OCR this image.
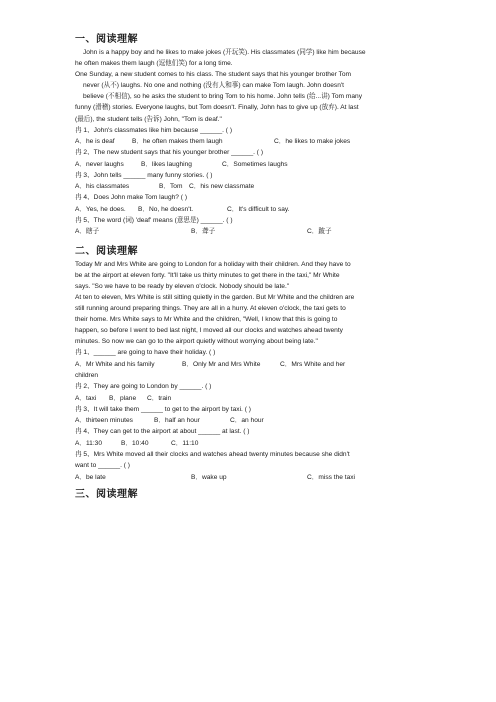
一、阅读理解

John is a happy boy and he likes to make jokes (开玩笑). His classmates (同学) like him because

he often makes them laugh (逗他们笑) for a long time.

One Sunday, a new student comes to his class. The student says that his younger brother Tom

never (从不) laughs. No one and nothing (没有人和事) can make Tom laugh. John doesn't

believe (不相信), so he asks the student to bring Tom to his home. John tells (给...讲) Tom many

funny (滑稽) stories. Everyone laughs, but Tom doesn't. Finally, John has to give up (放弃). At last

(最后), the student tells (告诉) John, "Tom is deaf."

冉 1、John's classmates like him because ______. ( )

A．he is deaf	B．he often makes them laugh	C．he likes to make jokes

冉 2、The new student says that his younger brother ______. ( )

A．never laughs	B．likes laughing	C．Sometimes laughs

冉 3、John tells ______ many funny stories. ( )

A．his classmates	B．Tom C．his new classmate

冉 4、Does John make Tom laugh? ( )

A．Yes, he does.	B．No, he doesn't.	C．It's difficult to say.

冉 5、The word (词) 'deaf' means (意思是) ______. ( )

A．瞎子	B．聋子	C．跛子
二、阅读理解

Today Mr and Mrs White are going to London for a holiday with their children. And they have to

be at the airport at eleven forty. "It'll take us thirty minutes to get there in the taxi," Mr White

says. "So we have to be ready by eleven o'clock. Nobody should be late."

At ten to eleven, Mrs White is still sitting quietly in the garden. But Mr White and the children are

still running around preparing things. They are all in a hurry. At eleven o'clock, the taxi gets to

their home. Mrs White says to Mr White and the children, "Well, I know that this is going to

happen, so before I went to bed last night, I moved all our clocks and watches ahead twenty

minutes. So now we can go to the airport quietly without worrying about being late."

冉 1、______ are going to have their holiday. ( )

A．Mr White and his family	B．Only Mr and Mrs White	C．Mrs White and her

children

冉 2、They are going to London by ______. ( )

A．taxi	B．plane	C．train

冉 3、It will take them ______ to get to the airport by taxi. ( )

A．thirteen minutes	B．half an hour	C．an hour

冉 4、They can get to the airport at about ______ at last. ( )

A．11:30	B．10:40	C．11:10

冉 5、Mrs White moved all their clocks and watches ahead twenty minutes because she didn't

want to ______. ( )

A．be late	B．wake up	C．miss the taxi
三、阅读理解
